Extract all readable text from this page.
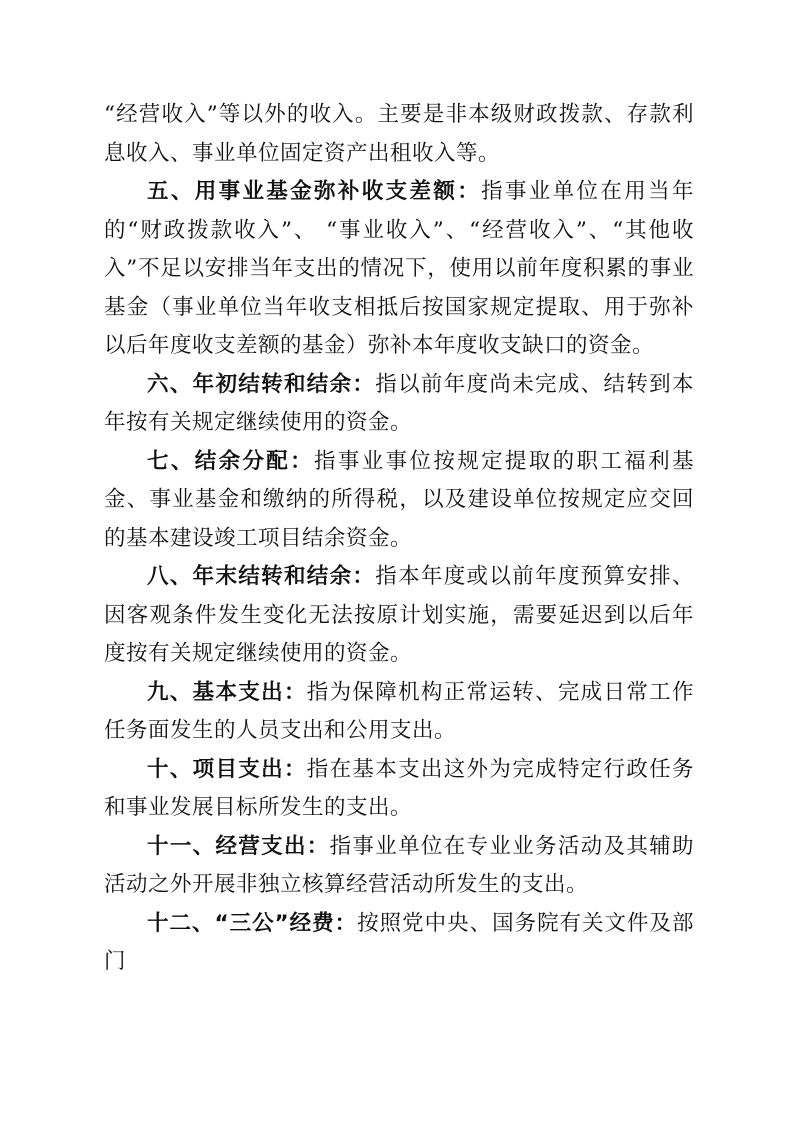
“经营收入”等以外的收入。主要是非本级财政拨款、存款利息收入、事业单位固定资产出租收入等。

五、用事业基金弥补收支差额：指事业单位在用当年的“财政拨款收入”、 “事业收入”、“经营收入”、“其他收入”不足以安排当年支出的情况下，使用以前年度积累的事业基金（事业单位当年收支相抵后按国家规定提取、用于弥补以后年度收支差额的基金）弥补本年度收支缺口的资金。

六、年初结转和结余：指以前年度尚未完成、结转到本年按有关规定继续使用的资金。

七、结余分配：指事业事位按规定提取的职工福利基金、事业基金和缴纳的所得税，以及建设单位按规定应交回的基本建设竣工项目结余资金。

八、年末结转和结余：指本年度或以前年度预算安排、因客观条件发生变化无法按原计划实施，需要延迟到以后年度按有关规定继续使用的资金。

九、基本支出：指为保障机构正常运转、完成日常工作任务面发生的人员支出和公用支出。

十、项目支出：指在基本支出这外为完成特定行政任务和事业发展目标所发生的支出。

十一、经营支出：指事业单位在专业业务活动及其辅助活动之外开展非独立核算经营活动所发生的支出。

十二、“三公”经费：按照党中央、国务院有关文件及部门
